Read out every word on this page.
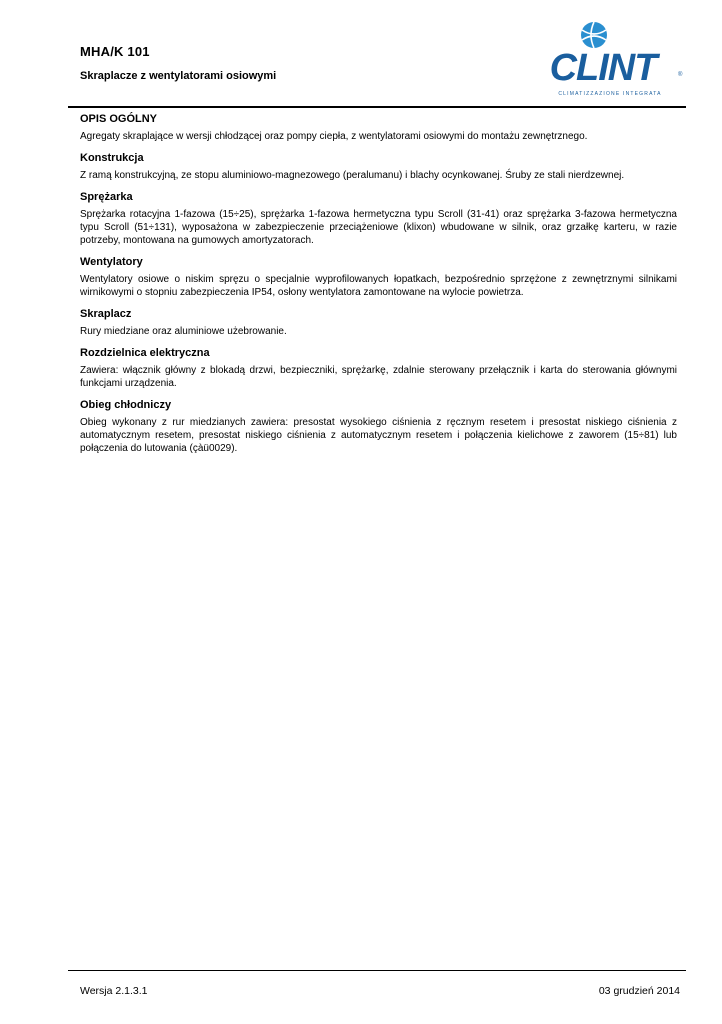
MHA/K 101
Skraplacze z wentylatorami osiowymi	CLINT	®
CLIMATIZZAZIONE INTEGRATA

OPIS OGÓLNY

Agregaty skraplające w wersji chłodzącej oraz pompy ciepła, z wentylatorami osiowymi do montażu zewnętrznego.

Konstrukcja

Z ramą konstrukcyjną, ze stopu aluminiowo-magnezowego (peralumanu) i blachy ocynkowanej. Śruby ze stali nierdzewnej.

Sprężarka

Sprężarka rotacyjna 1-fazowa (15÷25), sprężarka 1-fazowa hermetyczna typu Scroll (31-41) oraz sprężarka 3-fazowa hermetyczna typu Scroll (51÷131), wyposażona w zabezpieczenie przeciążeniowe (klixon) wbudowane w silnik, oraz grzałkę karteru, w razie potrzeby, montowana na gumowych amortyzatorach.

Wentylatory

Wentylatory osiowe o niskim spręzu o specjalnie wyprofilowanych łopatkach, bezpośrednio sprzężone z zewnętrznymi silnikami wirnikowymi o stopniu zabezpieczenia IP54, osłony wentylatora zamontowane na wylocie powietrza.

Skraplacz

Rury miedziane oraz aluminiowe użebrowanie.

Rozdzielnica elektryczna

Zawiera: włącznik główny z blokadą drzwi, bezpieczniki, sprężarkę, zdalnie sterowany przełącznik i karta do sterowania głównymi funkcjami urządzenia.

Obieg chłodniczy

Obieg wykonany z rur miedzianych zawiera: presostat wysokiego ciśnienia z ręcznym resetem i presostat niskiego ciśnienia z automatycznym resetem, presostat niskiego ciśnienia z automatycznym resetem i połączenia kielichowe z zaworem (15÷81) lub połączenia do lutowania (çàü0029).

Wersja 2.1.3.1	03 grudzień 2014
